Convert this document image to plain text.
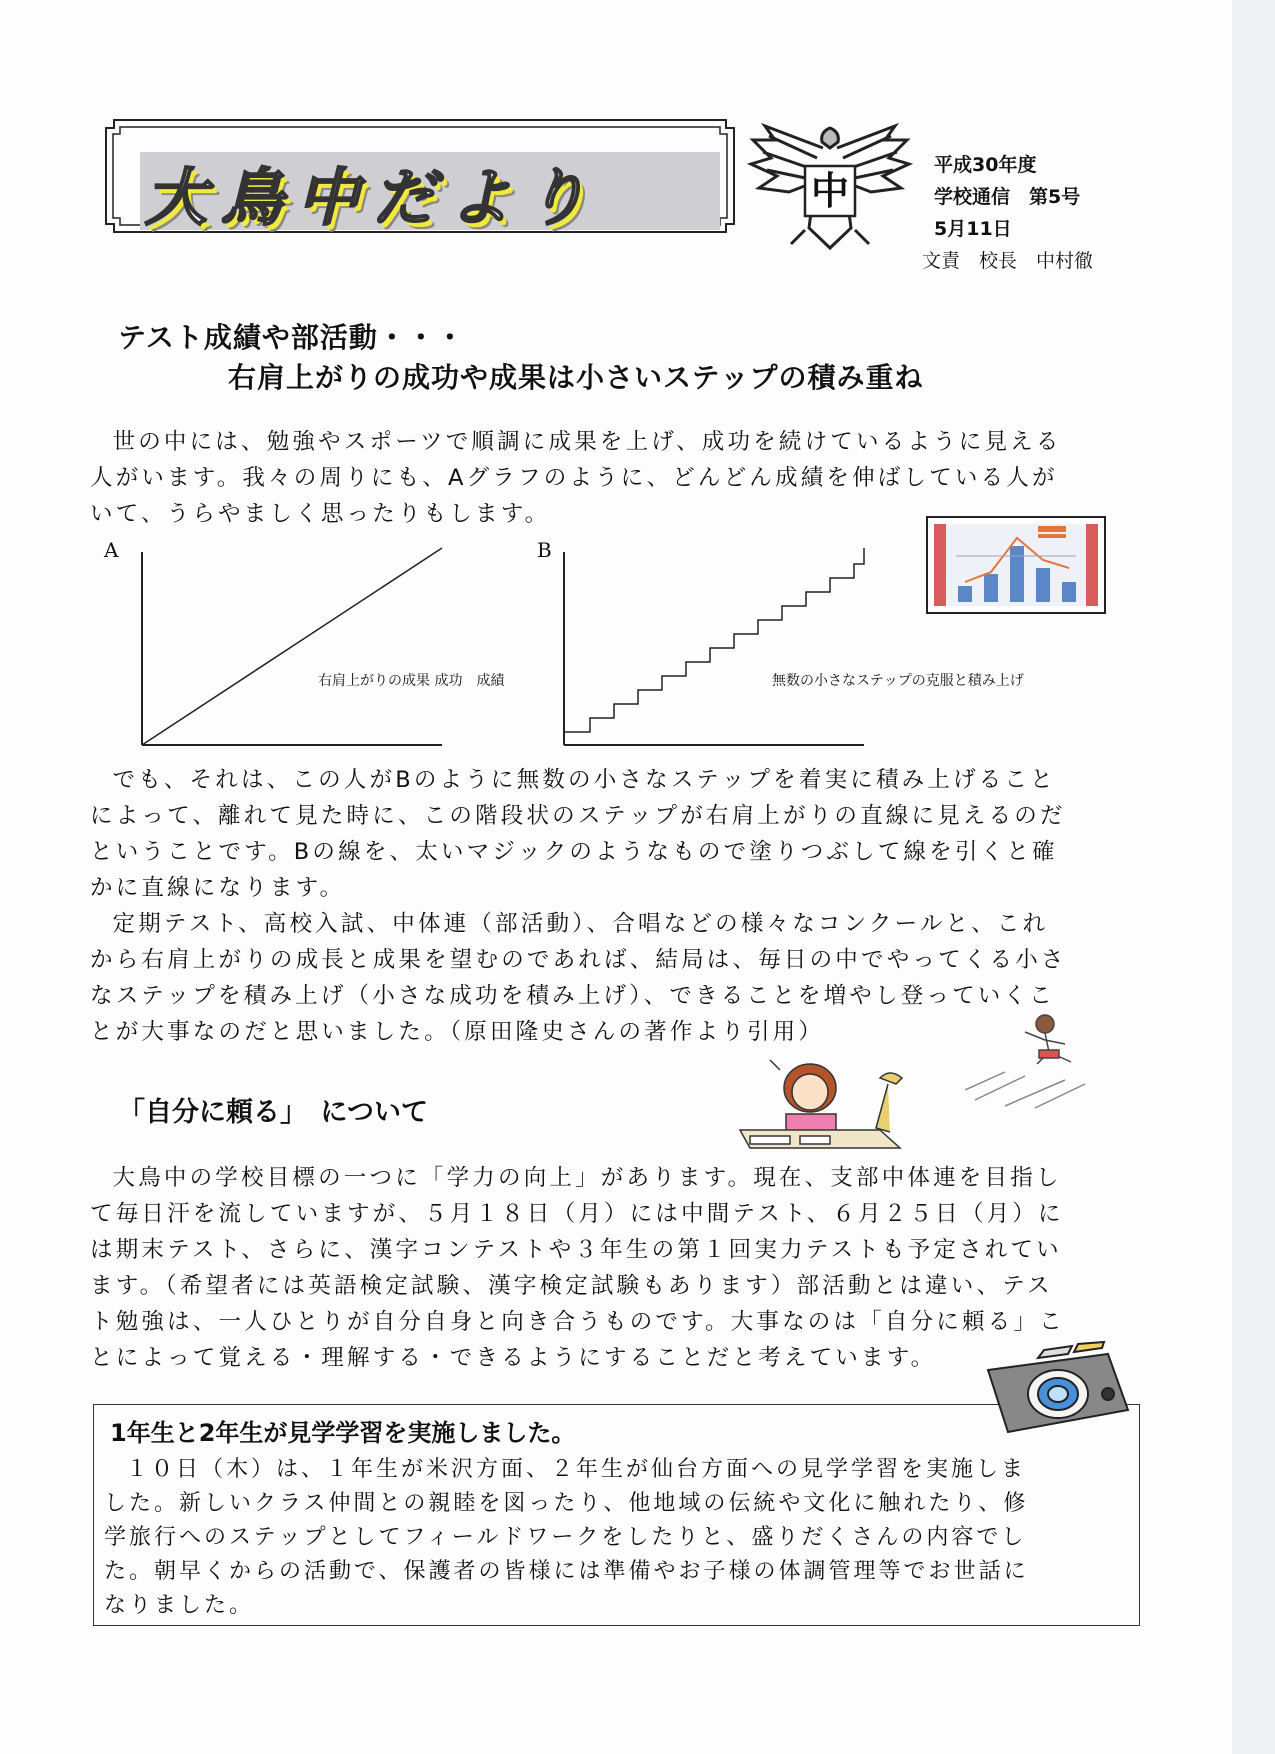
大鳥中だより	中
平成30年度
学校通信　第5号
5月11日
文責　校長　中村徹
テスト成績や部活動・・・
右肩上がりの成功や成果は小さいステップの積み重ね

世の中には、勉強やスポーツで順調に成果を上げ、成功を続けているように見える

人がいます。我々の周りにも、Aグラフのように、どんどん成績を伸ばしている人が

いて、うらやましく思ったりもします。

A
右肩上がりの成果 成功　成績
B
無数の小さなステップの克服と積み上げ

でも、それは、この人がBのように無数の小さなステップを着実に積み上げること

によって、離れて見た時に、この階段状のステップが右肩上がりの直線に見えるのだ

ということです。Bの線を、太いマジックのようなもので塗りつぶして線を引くと確

かに直線になります。

定期テスト、高校入試、中体連（部活動）、合唱などの様々なコンクールと、これ

から右肩上がりの成長と成果を望むのであれば、結局は、毎日の中でやってくる小さ

なステップを積み上げ（小さな成功を積み上げ）、できることを増やし登っていくこ

とが大事なのだと思いました。（原田隆史さんの著作より引用）

「自分に頼る」　について

大鳥中の学校目標の一つに「学力の向上」があります。現在、支部中体連を目指し

て毎日汗を流していますが、５月１８日（月）には中間テスト、６月２５日（月）に

は期末テスト、さらに、漢字コンテストや３年生の第１回実力テストも予定されてい

ます。（希望者には英語検定試験、漢字検定試験もあります）部活動とは違い、テス

ト勉強は、一人ひとりが自分自身と向き合うものです。大事なのは「自分に頼る」こ

とによって覚える・理解する・できるようにすることだと考えています。

1年生と2年生が見学学習を実施しました。

１０日（木）は、１年生が米沢方面、２年生が仙台方面への見学学習を実施しま

した。新しいクラス仲間との親睦を図ったり、他地域の伝統や文化に触れたり、修

学旅行へのステップとしてフィールドワークをしたりと、盛りだくさんの内容でし

た。朝早くからの活動で、保護者の皆様には準備やお子様の体調管理等でお世話に

なりました。
